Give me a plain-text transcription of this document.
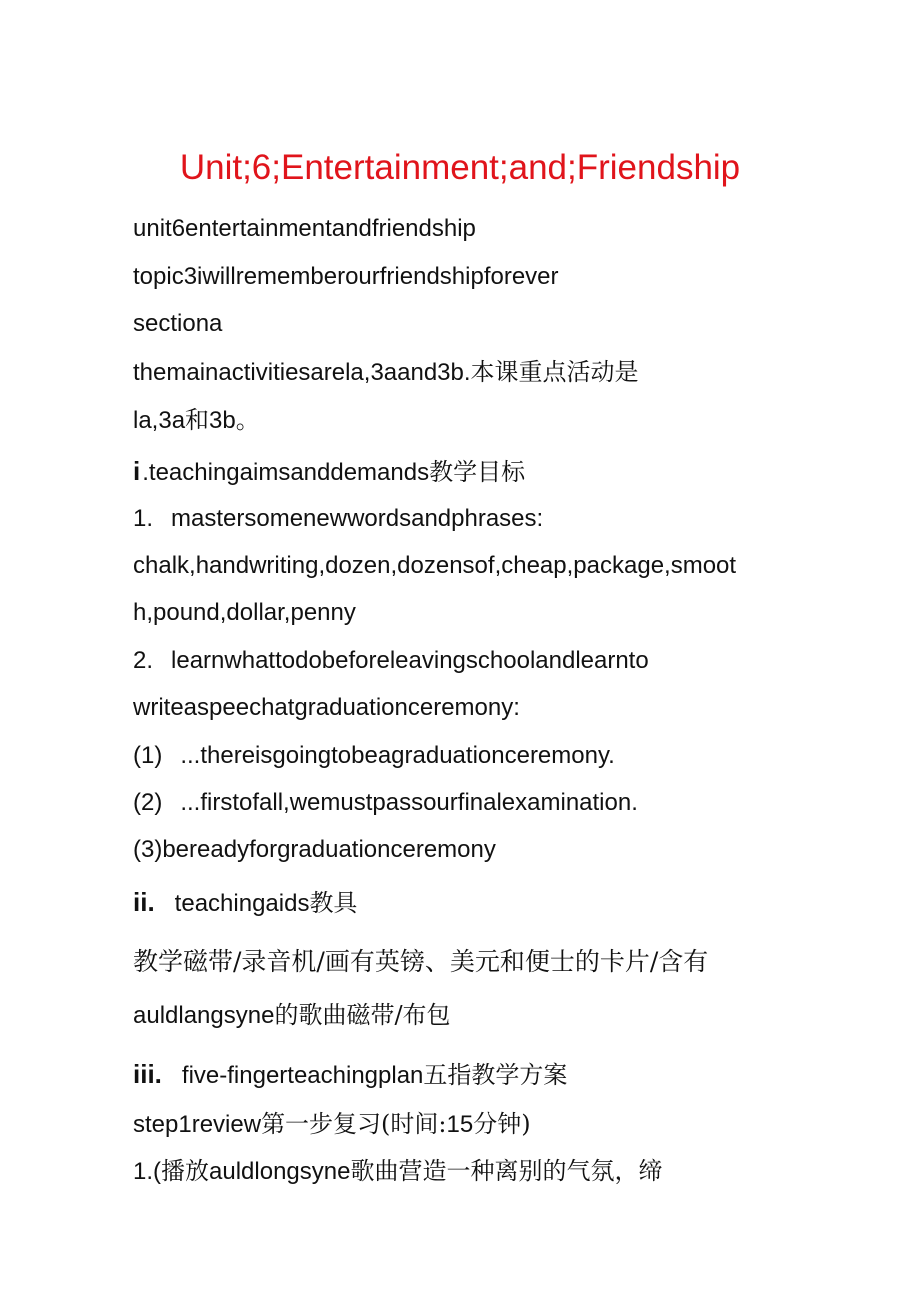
Unit;6;Entertainment;and;Friendship
unit6entertainmentandfriendship
topic3iwillrememberourfriendshipforever
sectiona
themainactivitiesarela,3aand3b.本课重点活动是
la,3a和3b。
i.teachingaimsanddemands教学目标
1. mastersomenewwordsandphrases:
chalk,handwriting,dozen,dozensof,cheap,package,smoot
h,pound,dollar,penny
2. learnwhattodobeforeleavingschoolandlearnto
writeaspeechatgraduationceremony:
(1) ...thereisgoingtobeagraduationceremony.
(2) ...firstofall,wemustpassourfinalexamination.
(3)bereadyforgraduationceremony
ii. teachingaids教具
教学磁带/录音机/画有英镑、美元和便士的卡片/含有
auldlangsyne的歌曲磁带/布包
iii. five-fingerteachingplan五指教学方案
step1review第一步复习(时间:15分钟)
1.(播放auldlongsyne歌曲营造一种离别的气氛，缔
